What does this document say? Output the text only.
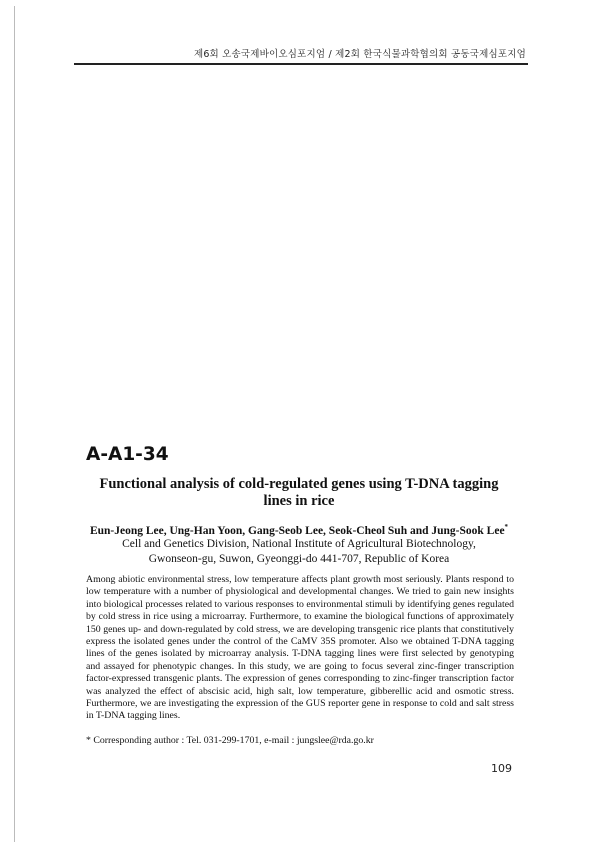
제6회 오송국제바이오심포지엄 / 제2회 한국식물과학협의회 공동국제심포지엄
A-A1-34
Functional analysis of cold-regulated genes using T-DNA tagging
lines in rice
Eun-Jeong Lee, Ung-Han Yoon, Gang-Seob Lee, Seok-Cheol Suh and Jung-Sook Lee*
Cell and Genetics Division, National Institute of Agricultural Biotechnology,
Gwonseon-gu, Suwon, Gyeonggi-do 441-707, Republic of Korea

Among abiotic environmental stress, low temperature affects plant growth most seriously. Plants respond to low temperature with a number of physiological and developmental changes. We tried to gain new insights into biological processes related to various responses to environmental stimuli by identifying genes regulated by cold stress in rice using a microarray. Furthermore, to examine the biological functions of approximately 150 genes up- and down-regulated by cold stress, we are developing transgenic rice plants that constitutively express the isolated genes under the control of the CaMV 35S promoter. Also we obtained T-DNA tagging lines of the genes isolated by microarray analysis. T-DNA tagging lines were first selected by genotyping and assayed for phenotypic changes. In this study, we are going to focus several zinc-finger transcription factor-expressed transgenic plants. The expression of genes corresponding to zinc-finger transcription factor was analyzed the effect of abscisic acid, high salt, low temperature, gibberellic acid and osmotic stress. Furthermore, we are investigating the expression of the GUS reporter gene in response to cold and salt stress in T-DNA tagging lines.

* Corresponding author : Tel. 031-299-1701, e-mail : jungslee@rda.go.kr
109
